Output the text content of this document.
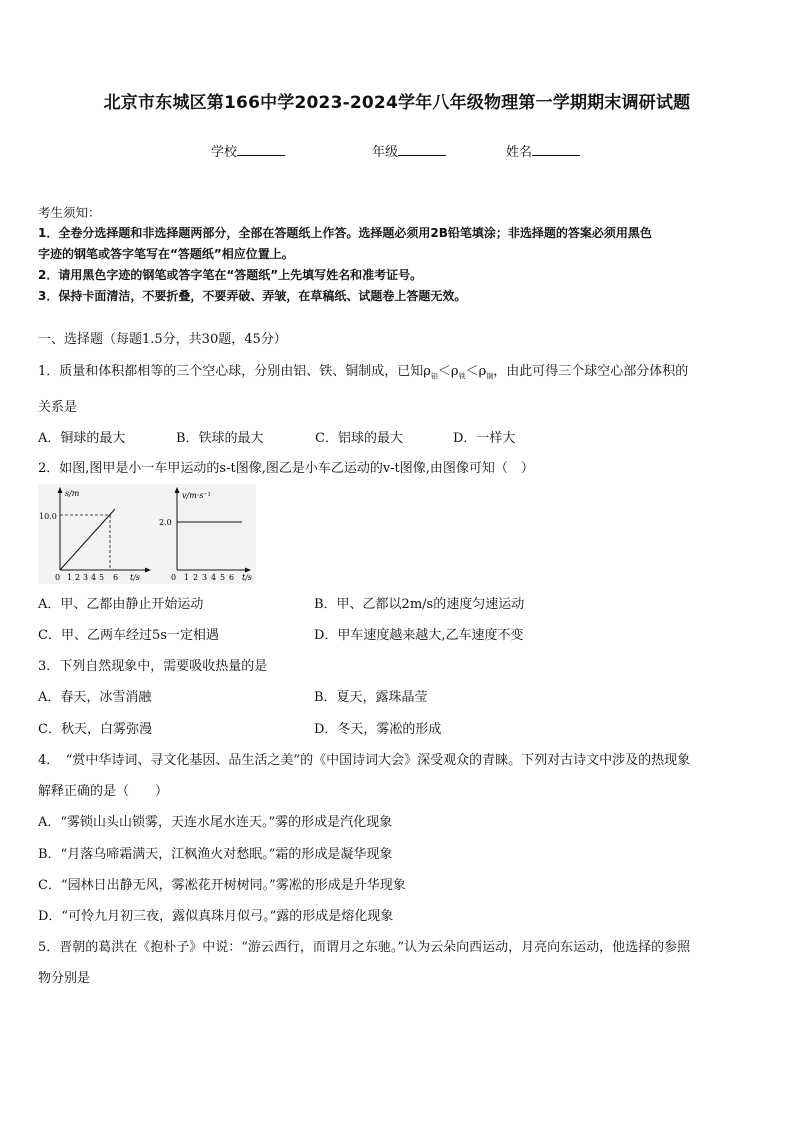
北京市东城区第166中学2023-2024学年八年级物理第一学期期末调研试题
学校	年级	姓名
考生须知：
1．全卷分选择题和非选择题两部分，全部在答题纸上作答。选择题必须用2B铅笔填涂；非选择题的答案必须用黑色
字迹的钢笔或答字笔写在“答题纸”相应位置上。
2．请用黑色字迹的钢笔或答字笔在“答题纸”上先填写姓名和准考证号。
3．保持卡面清洁，不要折叠，不要弄破、弄皱，在草稿纸、试题卷上答题无效。
一、选择题（每题1.5分，共30题，45分）
1．质量和体积都相等的三个空心球，分别由铝、铁、铜制成，已知$\rho_铝<\rho_铁<\rho_铜$，由此可得三个球空心部分体积的
关系是
A．铜球的最大	B．铁球的最大	C．铝球的最大	D．一样大
2．如图,图甲是小一车甲运动的s-t图像,图乙是小车乙运动的v-t图像,由图像可知（　）
s/m
10.0
0 1 2 3 4 5 6 t/s
v/m·s⁻¹
2.0
0 1 2 3 4 5 6 t/s
A．甲、乙都由静止开始运动	B．甲、乙都以2m/s的速度匀速运动
C．甲、乙两车经过5s一定相遇	D．甲车速度越来越大,乙车速度不变
3．下列自然现象中，需要吸收热量的是
A．春天，冰雪消融	B．夏天，露珠晶莹
C．秋天，白雾弥漫	D．冬天，雾凇的形成
4．　“赏中华诗词、寻文化基因、品生活之美”的《中国诗词大会》深受观众的青睐。下列对古诗文中涉及的热现象
解释正确的是（　　）
A．“雾锁山头山锁雾，天连水尾水连天。”雾的形成是汽化现象
B．“月落乌啼霜满天，江枫渔火对愁眠。”霜的形成是凝华现象
C．“园林日出静无风，雾凇花开树树同。”雾凇的形成是升华现象
D．“可怜九月初三夜，露似真珠月似弓。”露的形成是熔化现象
5．晋朝的葛洪在《抱朴子》中说：“游云西行，而谓月之东驰。”认为云朵向西运动，月亮向东运动，他选择的参照
物分别是
